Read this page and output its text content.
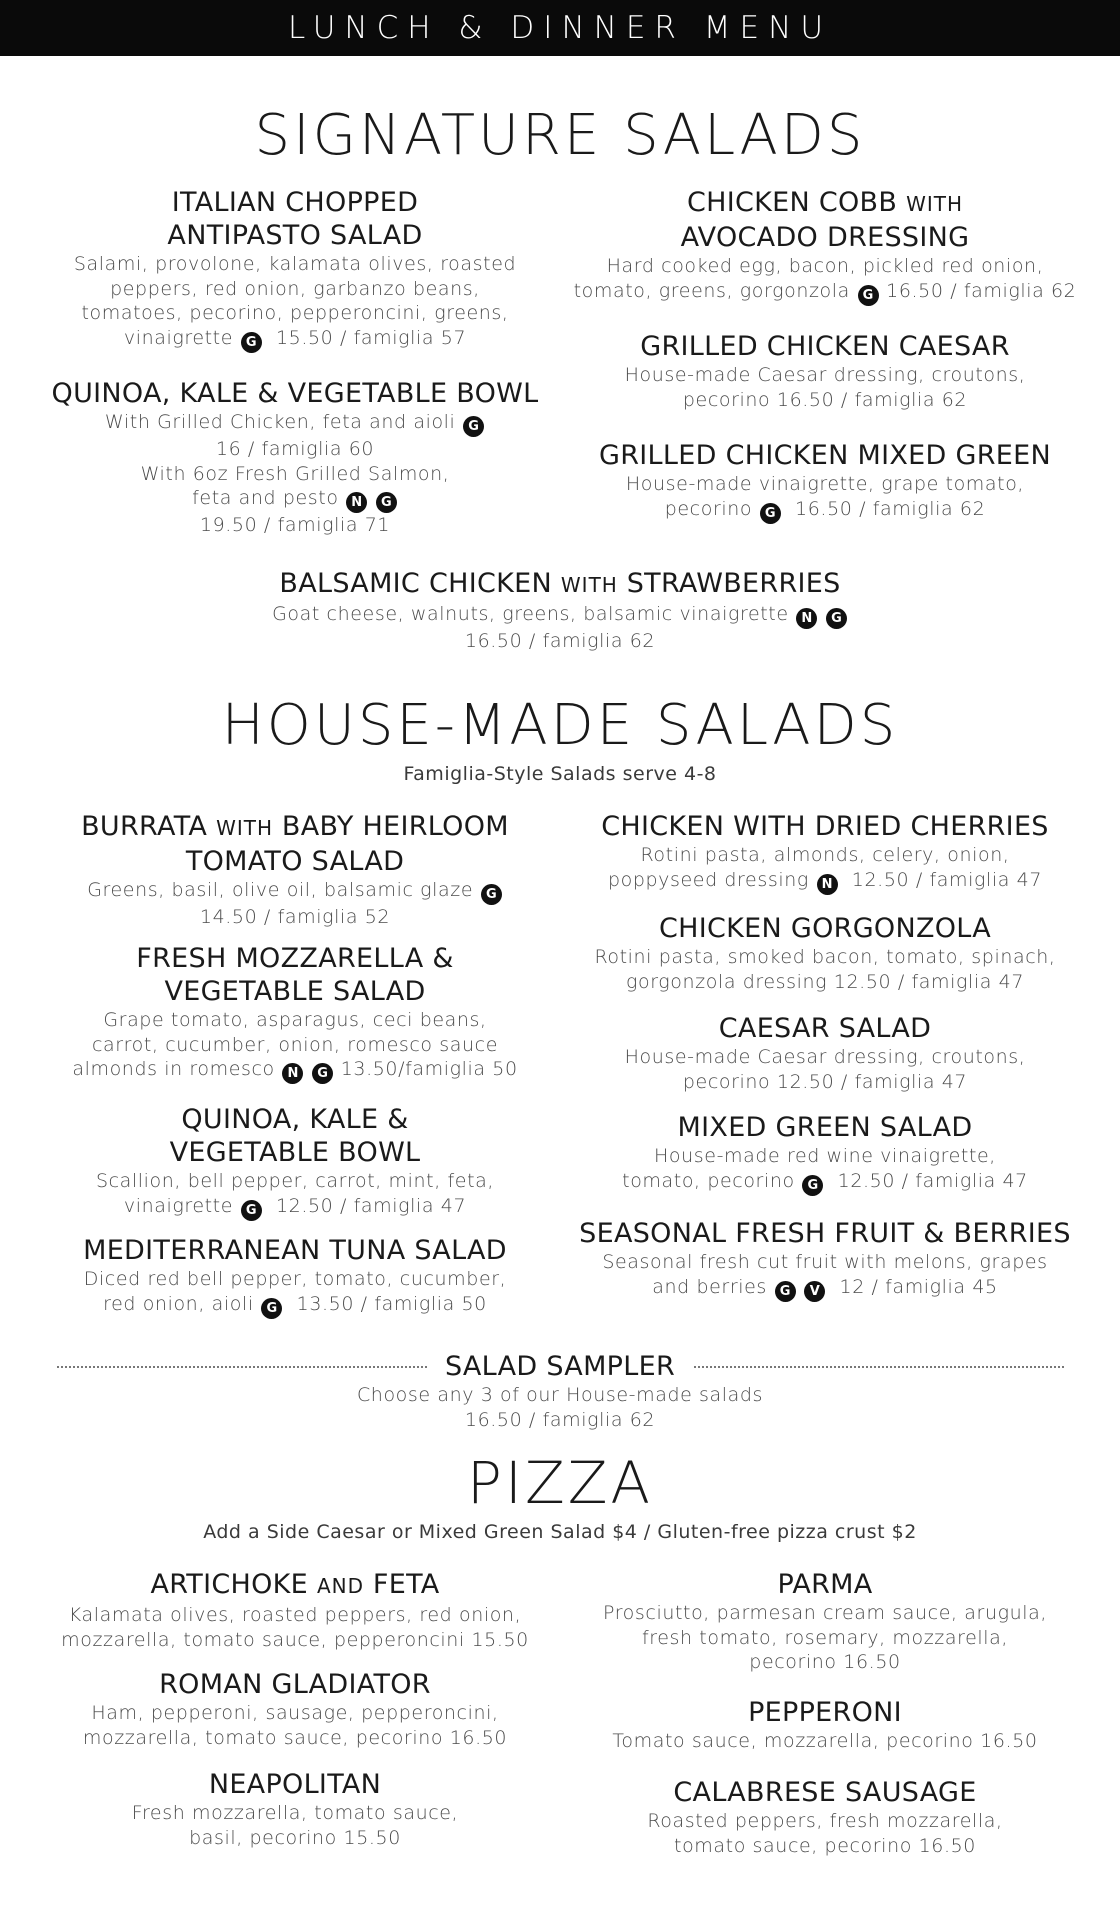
LUNCH & DINNER MENU
SIGNATURE SALADS
ITALIAN CHOPPED
ANTIPASTO SALAD
Salami, provolone, kalamata olives, roasted
peppers, red onion, garbanzo beans,
tomatoes, pecorino, pepperoncini, greens,
vinaigrette G 15.50 / famiglia 57
QUINOA, KALE & VEGETABLE BOWL
With Grilled Chicken, feta and aioli G
16 / famiglia 60
With 6oz Fresh Grilled Salmon,
feta and pesto N G
19.50 / famiglia 71
CHICKEN COBB WITH
AVOCADO DRESSING
Hard cooked egg, bacon, pickled red onion,
tomato, greens, gorgonzola G 16.50 / famiglia 62
GRILLED CHICKEN CAESAR
House-made Caesar dressing, croutons,
pecorino 16.50 / famiglia 62
GRILLED CHICKEN MIXED GREEN
House-made vinaigrette, grape tomato,
pecorino G 16.50 / famiglia 62
BALSAMIC CHICKEN WITH STRAWBERRIES
Goat cheese, walnuts, greens, balsamic vinaigrette N G
16.50 / famiglia 62
HOUSE-MADE SALADS
Famiglia-Style Salads serve 4-8
BURRATA WITH BABY HEIRLOOM
TOMATO SALAD
Greens, basil, olive oil, balsamic glaze G
14.50 / famiglia 52
FRESH MOZZARELLA &
VEGETABLE SALAD
Grape tomato, asparagus, ceci beans,
carrot, cucumber, onion, romesco sauce
almonds in romesco N G 13.50/famiglia 50
QUINOA, KALE &
VEGETABLE BOWL
Scallion, bell pepper, carrot, mint, feta,
vinaigrette G 12.50 / famiglia 47
MEDITERRANEAN TUNA SALAD
Diced red bell pepper, tomato, cucumber,
red onion, aioli G 13.50 / famiglia 50
CHICKEN WITH DRIED CHERRIES
Rotini pasta, almonds, celery, onion,
poppyseed dressing N 12.50 / famiglia 47
CHICKEN GORGONZOLA
Rotini pasta, smoked bacon, tomato, spinach,
gorgonzola dressing 12.50 / famiglia 47
CAESAR SALAD
House-made Caesar dressing, croutons,
pecorino 12.50 / famiglia 47
MIXED GREEN SALAD
House-made red wine vinaigrette,
tomato, pecorino G 12.50 / famiglia 47
SEASONAL FRESH FRUIT & BERRIES
Seasonal fresh cut fruit with melons, grapes
and berries G V 12 / famiglia 45
SALAD SAMPLER
Choose any 3 of our House-made salads
16.50 / famiglia 62
PIZZA
Add a Side Caesar or Mixed Green Salad $4 / Gluten-free pizza crust $2
ARTICHOKE AND FETA
Kalamata olives, roasted peppers, red onion,
mozzarella, tomato sauce, pepperoncini 15.50
ROMAN GLADIATOR
Ham, pepperoni, sausage, pepperoncini,
mozzarella, tomato sauce, pecorino 16.50
NEAPOLITAN
Fresh mozzarella, tomato sauce,
basil, pecorino 15.50
PARMA
Prosciutto, parmesan cream sauce, arugula,
fresh tomato, rosemary, mozzarella,
pecorino 16.50
PEPPERONI
Tomato sauce, mozzarella, pecorino 16.50
CALABRESE SAUSAGE
Roasted peppers, fresh mozzarella,
tomato sauce, pecorino 16.50
